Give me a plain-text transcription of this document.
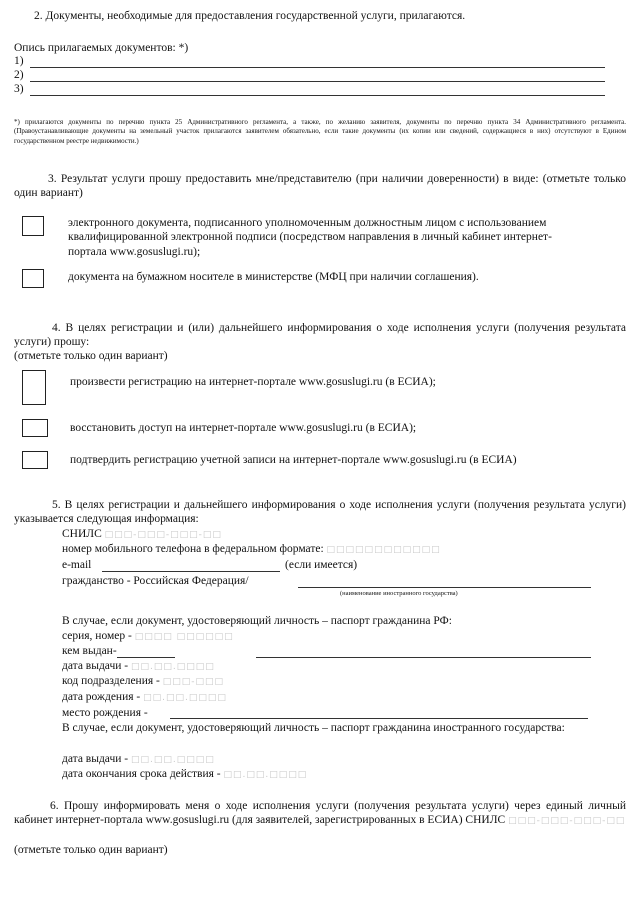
2. Документы, необходимые для предоставления государственной услуги, прилагаются.
Опись прилагаемых документов: *)
1)
2)
3)
*) прилагаются документы по перечню пункта 25 Административного регламента, а также, по желанию заявителя, документы по перечню пункта 34 Административного регламента. (Правоустанавливающие документы на земельный участок прилагаются заявителем обязательно, если такие документы (их копии или сведений, содержащиеся в них) отсутствуют в Едином государственном реестре недвижимости.)
3. Результат услуги прошу предоставить мне/представителю (при наличии доверенности) в виде: (отметьте только один вариант)
электронного документа, подписанного уполномоченным должностным лицом с использованием квалифицированной электронной подписи (посредством направления в личный кабинет интернет-портала www.gosuslugi.ru);
документа на бумажном носителе в министерстве (МФЦ при наличии соглашения).
4. В целях регистрации и (или) дальнейшего информирования о ходе исполнения услуги (получения результата услуги) прошу:
(отметьте только один вариант)
произвести регистрацию на интернет-портале www.gosuslugi.ru (в ЕСИА);
восстановить доступ на интернет-портале www.gosuslugi.ru (в ЕСИА);
подтвердить регистрацию учетной записи на интернет-портале www.gosuslugi.ru (в ЕСИА)
5. В целях регистрации и дальнейшего информирования о ходе исполнения услуги (получения результата услуги) указывается следующая информация:
СНИЛС □□□-□□□-□□□-□□
номер мобильного телефона в федеральном формате: □□□□□□□□□□□□
e-mail	(если имеется)
гражданство - Российская Федерация/
(наименование иностранного государства)
В случае, если документ, удостоверяющий личность – паспорт гражданина РФ:
серия, номер - □□□□ □□□□□□
кем выдан-
дата выдачи - □□.□□.□□□□
код подразделения - □□□-□□□
дата рождения - □□.□□.□□□□
место рождения -
В случае, если документ, удостоверяющий личность – паспорт гражданина иностранного государства:
дата выдачи - □□.□□.□□□□
дата окончания срока действия - □□.□□.□□□□
6. Прошу информировать меня о ходе исполнения услуги (получения результата услуги) через единый личный кабинет интернет-портала www.gosuslugi.ru (для заявителей, зарегистрированных в ЕСИА) СНИЛС □□□-□□□-□□□-□□
(отметьте только один вариант)
